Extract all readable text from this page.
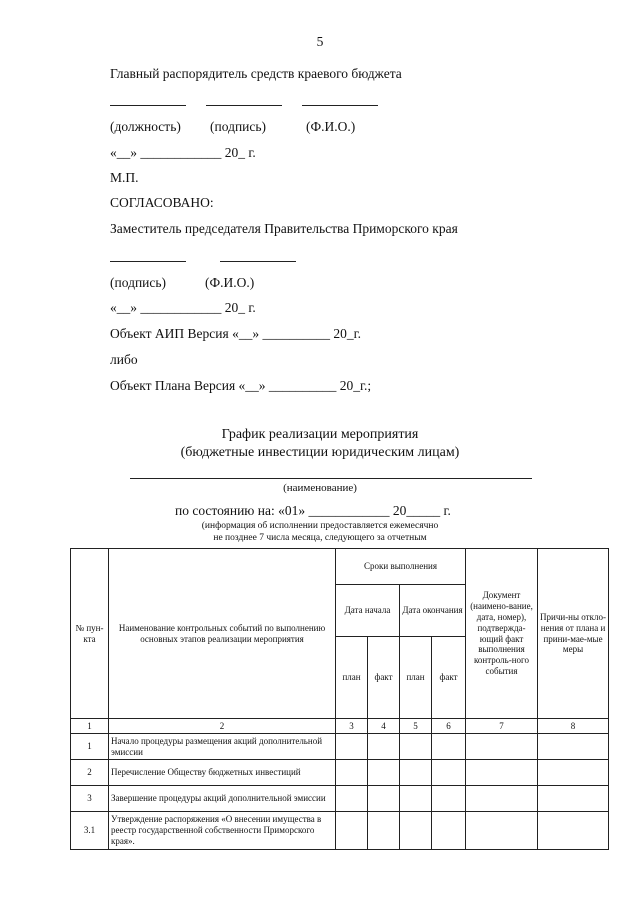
5
Главный распорядитель средств краевого бюджета
(должность) (подпись)	(Ф.И.О.)
«__» ____________ 20_ г.
М.П.
СОГЛАСОВАНО:
Заместитель председателя Правительства Приморского края
(подпись)	(Ф.И.О.)
«__» ____________ 20_ г.
Объект АИП Версия «__» __________ 20_г.
либо
Объект Плана Версия «__» __________ 20_г.;
График реализации мероприятия
(бюджетные инвестиции юридическим лицам)
(наименование)
по состоянию на: «01» ____________ 20_____ г.
(информация об исполнении предоставляется ежемесячно
не позднее 7 числа месяца, следующего за отчетным
№ пун-кта	Наименование контрольных событий по выполнению основных этапов реализации мероприятия	Сроки выполнения				Документ (наимено-вание, дата, номер), подтвержда-ющий факт выполнения контроль-ного события	Причи-ны откло-нения от плана и прини-мае-мые меры
		Дата начала		Дата окончания			
		план	факт	план	факт		
1	2	3	4	5	6	7	8
1	Начало процедуры размещения акций дополнительной эмиссии						
2	Перечисление Обществу бюджетных инвестиций						
3	Завершение процедуры акций дополнительной эмиссии						
3.1	Утверждение распоряжения «О внесении имущества в реестр государственной собственности Приморского края».						
